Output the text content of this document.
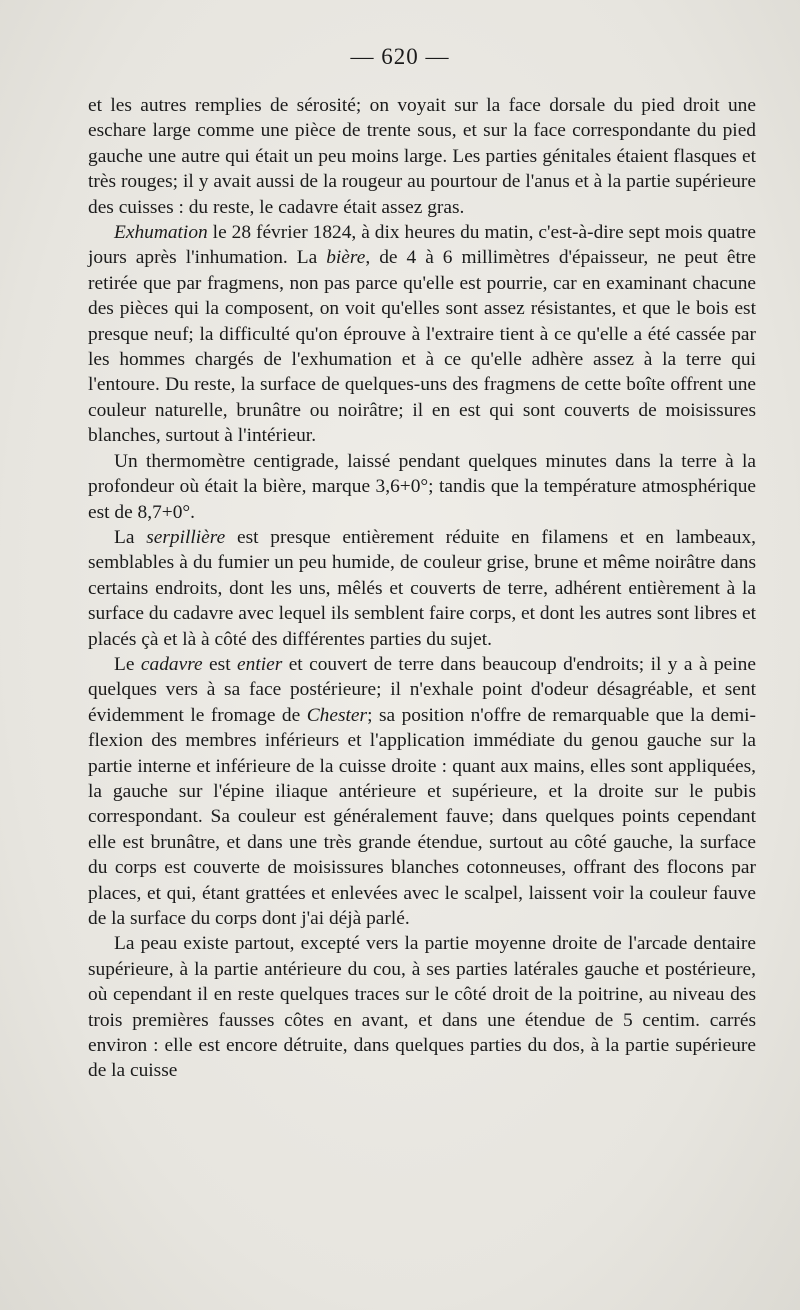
— 620 —

et les autres remplies de sérosité; on voyait sur la face dorsale du pied droit une eschare large comme une pièce de trente sous, et sur la face correspondante du pied gauche une autre qui était un peu moins large. Les parties génitales étaient flasques et très rouges; il y avait aussi de la rougeur au pourtour de l'anus et à la partie supérieure des cuisses : du reste, le cadavre était assez gras.

Exhumation le 28 février 1824, à dix heures du matin, c'est-à-dire sept mois quatre jours après l'inhumation. La bière, de 4 à 6 millimètres d'épaisseur, ne peut être retirée que par fragmens, non pas parce qu'elle est pourrie, car en examinant chacune des pièces qui la composent, on voit qu'elles sont assez résistantes, et que le bois est presque neuf; la difficulté qu'on éprouve à l'extraire tient à ce qu'elle a été cassée par les hommes chargés de l'exhumation et à ce qu'elle adhère assez à la terre qui l'entoure. Du reste, la surface de quelques-uns des fragmens de cette boîte offrent une couleur naturelle, brunâtre ou noirâtre; il en est qui sont couverts de moisissures blanches, surtout à l'intérieur.

Un thermomètre centigrade, laissé pendant quelques minutes dans la terre à la profondeur où était la bière, marque 3,6+0°; tandis que la température atmosphérique est de 8,7+0°.

La serpillière est presque entièrement réduite en filamens et en lambeaux, semblables à du fumier un peu humide, de couleur grise, brune et même noirâtre dans certains endroits, dont les uns, mêlés et couverts de terre, adhérent entièrement à la surface du cadavre avec lequel ils semblent faire corps, et dont les autres sont libres et placés çà et là à côté des différentes parties du sujet.

Le cadavre est entier et couvert de terre dans beaucoup d'endroits; il y a à peine quelques vers à sa face postérieure; il n'exhale point d'odeur désagréable, et sent évidemment le fromage de Chester; sa position n'offre de remarquable que la demi-flexion des membres inférieurs et l'application immédiate du genou gauche sur la partie interne et inférieure de la cuisse droite : quant aux mains, elles sont appliquées, la gauche sur l'épine iliaque antérieure et supérieure, et la droite sur le pubis correspondant. Sa couleur est généralement fauve; dans quelques points cependant elle est brunâtre, et dans une très grande étendue, surtout au côté gauche, la surface du corps est couverte de moisissures blanches cotonneuses, offrant des flocons par places, et qui, étant grattées et enlevées avec le scalpel, laissent voir la couleur fauve de la surface du corps dont j'ai déjà parlé.

La peau existe partout, excepté vers la partie moyenne droite de l'arcade dentaire supérieure, à la partie antérieure du cou, à ses parties latérales gauche et postérieure, où cependant il en reste quelques traces sur le côté droit de la poitrine, au niveau des trois premières fausses côtes en avant, et dans une étendue de 5 centim. carrés environ : elle est encore détruite, dans quelques parties du dos, à la partie supérieure de la cuisse
